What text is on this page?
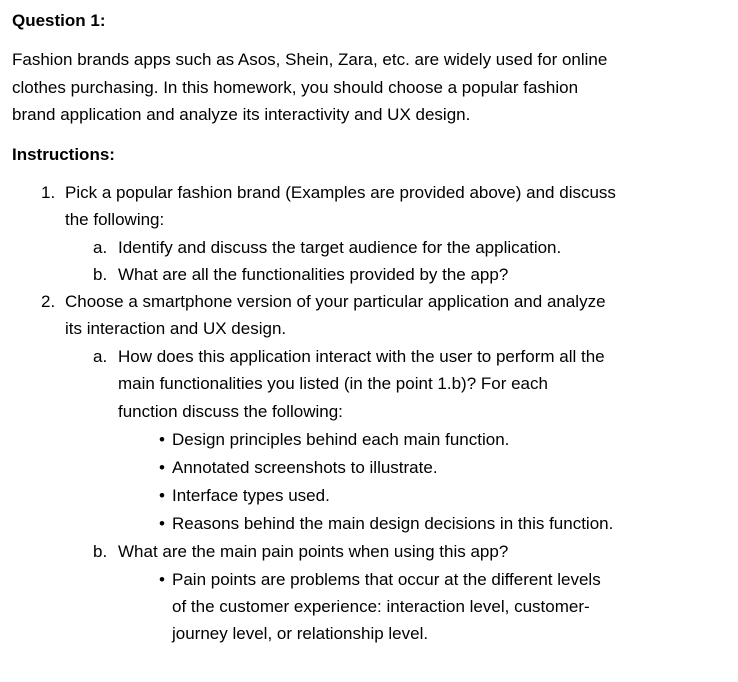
Question 1:
Fashion brands apps such as Asos, Shein, Zara, etc. are widely used for online
clothes purchasing. In this homework, you should choose a popular fashion
brand application and analyze its interactivity and UX design.
Instructions:
1. Pick a popular fashion brand (Examples are provided above) and discuss
the following:
a. Identify and discuss the target audience for the application.
b. What are all the functionalities provided by the app?
2. Choose a smartphone version of your particular application and analyze
its interaction and UX design.
a. How does this application interact with the user to perform all the
main functionalities you listed (in the point 1.b)? For each
function discuss the following:
• Design principles behind each main function.
• Annotated screenshots to illustrate.
• Interface types used.
• Reasons behind the main design decisions in this function.
b. What are the main pain points when using this app?
• Pain points are problems that occur at the different levels
of the customer experience: interaction level, customer-
journey level, or relationship level.
